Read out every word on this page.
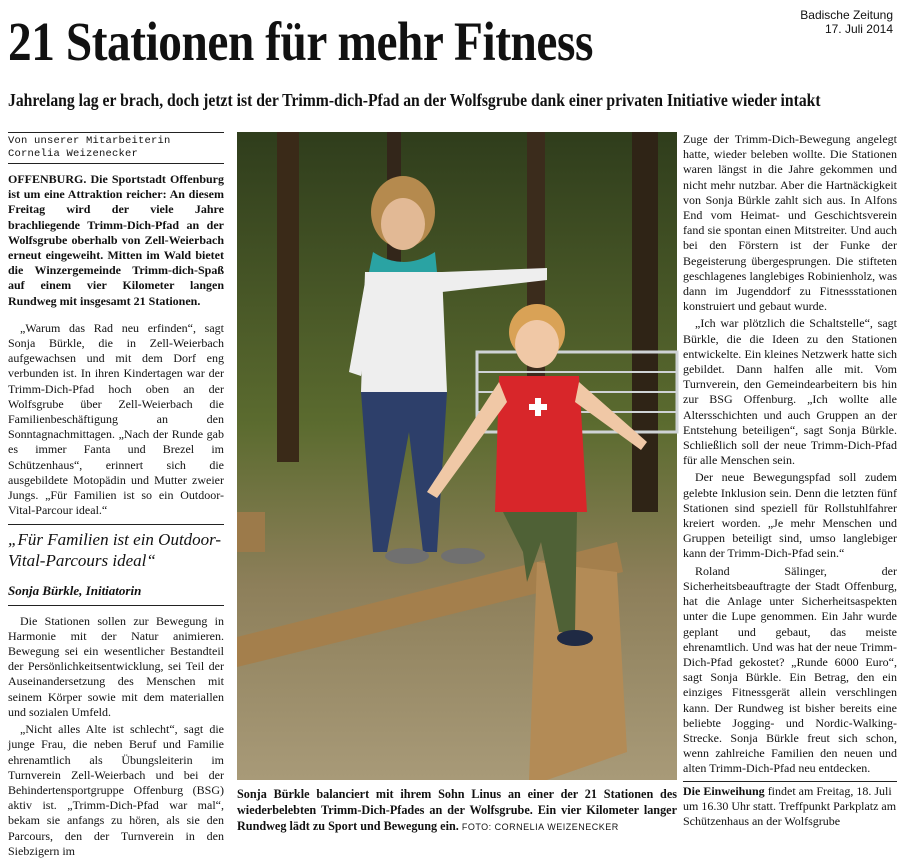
Badische Zeitung
17. Juli 2014
21 Stationen für mehr Fitness
Jahrelang lag er brach, doch jetzt ist der Trimm-dich-Pfad an der Wolfsgrube dank einer privaten Initiative wieder intakt
Von unserer Mitarbeiterin
Cornelia Weizenecker

OFFENBURG. Die Sportstadt Offenburg ist um eine Attraktion reicher: An diesem Freitag wird der viele Jahre brachliegende Trimm-Dich-Pfad an der Wolfsgrube oberhalb von Zell-Weierbach erneut eingeweiht. Mitten im Wald bietet die Winzergemeinde Trimm-dich-Spaß auf einem vier Kilometer langen Rundweg mit insgesamt 21 Stationen.

„Warum das Rad neu erfinden“, sagt Sonja Bürkle, die in Zell-Weierbach aufgewachsen und mit dem Dorf eng verbunden ist. In ihren Kindertagen war der Trimm-Dich-Pfad hoch oben an der Wolfsgrube über Zell-Weierbach die Familienbeschäftigung an den Sonntagnachmittagen. „Nach der Runde gab es immer Fanta und Brezel im Schützenhaus“, erinnert sich die ausgebildete Motopädin und Mutter zweier Jungs. „Für Familien ist so ein Outdoor-Vital-Parcour ideal.“

„Für Familien ist ein Outdoor-Vital-Parcours ideal“
Sonja Bürkle, Initiatorin

Die Stationen sollen zur Bewegung in Harmonie mit der Natur animieren. Bewegung sei ein wesentlicher Bestandteil der Persönlichkeitsentwicklung, sei Teil der Auseinandersetzung des Menschen mit seinem Körper sowie mit dem materiallen und sozialen Umfeld.

„Nicht alles Alte ist schlecht“, sagt die junge Frau, die neben Beruf und Familie ehrenamtlich als Übungsleiterin im Turnverein Zell-Weierbach und bei der Behindertensportgruppe Offenburg (BSG) aktiv ist. „Trimm-Dich-Pfad war mal“, bekam sie anfangs zu hören, als sie den Parcours, den der Turnverein in den Siebzigern im

Sonja Bürkle balanciert mit ihrem Sohn Linus an einer der 21 Stationen des wiederbelebten Trimm-Dich-Pfades an der Wolfsgrube. Ein vier Kilometer langer Rundweg lädt zu Sport und Bewegung ein. FOTO: CORNELIA WEIZENECKER

Zuge der Trimm-Dich-Bewegung angelegt hatte, wieder beleben wollte. Die Stationen waren längst in die Jahre gekommen und nicht mehr nutzbar. Aber die Hartnäckigkeit von Sonja Bürkle zahlt sich aus. In Alfons End vom Heimat- und Geschichtsverein fand sie spontan einen Mitstreiter. Und auch bei den Förstern ist der Funke der Begeisterung übergesprungen. Die stifteten geschlagenes langlebiges Robinienholz, was dann im Jugenddorf zu Fitnessstationen konstruiert und gebaut wurde.

„Ich war plötzlich die Schaltstelle“, sagt Bürkle, die die Ideen zu den Stationen entwickelte. Ein kleines Netzwerk hatte sich gebildet. Dann halfen alle mit. Vom Turnverein, den Gemeindearbeitern bis hin zur BSG Offenburg. „Ich wollte alle Altersschichten und auch Gruppen an der Entstehung beteiligen“, sagt Sonja Bürkle. Schließlich soll der neue Trimm-Dich-Pfad für alle Menschen sein.

Der neue Bewegungspfad soll zudem gelebte Inklusion sein. Denn die letzten fünf Stationen sind speziell für Rollstuhlfahrer kreiert worden. „Je mehr Menschen und Gruppen beteiligt sind, umso langlebiger kann der Trimm-Dich-Pfad sein.“

Roland Sälinger, der Sicherheitsbeauftragte der Stadt Offenburg, hat die Anlage unter Sicherheitsaspekten unter die Lupe genommen. Ein Jahr wurde geplant und gebaut, das meiste ehrenamtlich. Und was hat der neue Trimm-Dich-Pfad gekostet? „Runde 6000 Euro“, sagt Sonja Bürkle. Ein Betrag, den ein einziges Fitnessgerät allein verschlingen kann. Der Rundweg ist bisher bereits eine beliebte Jogging- und Nordic-Walking-Strecke. Sonja Bürkle freut sich schon, wenn zahlreiche Familien den neuen und alten Trimm-Dich-Pfad neu entdecken.

Die Einweihung findet am Freitag, 18. Juli um 16.30 Uhr statt. Treffpunkt Parkplatz am Schützenhaus an der Wolfsgrube
